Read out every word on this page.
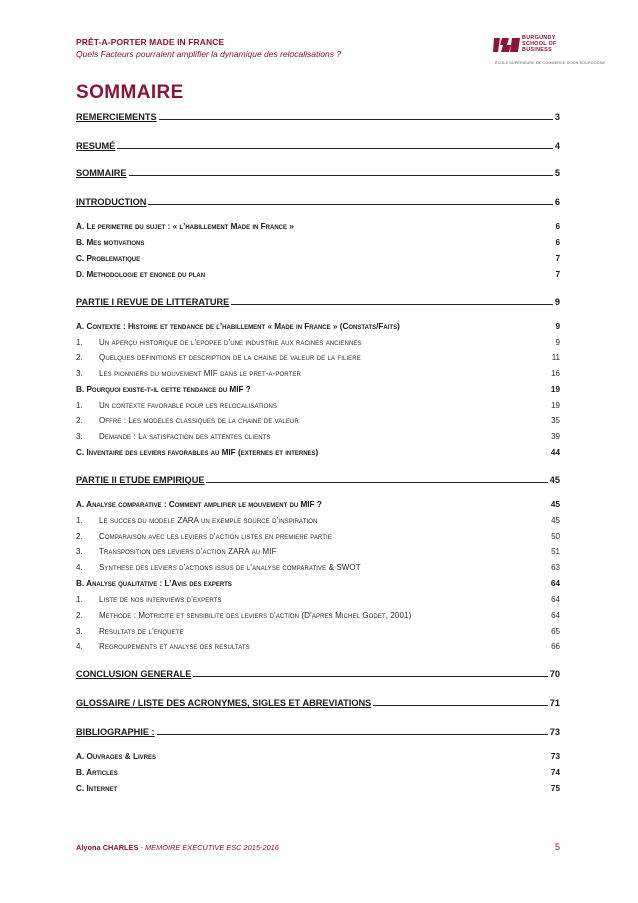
PRÊT-A-PORTER MADE IN FRANCE
Quels Facteurs pourraient amplifier la dynamique des relocalisations ?
BURGUNDY
SCHOOL OF
BUSINESS
ÉCOLE SUPÉRIEURE DE COMMERCE DIJON BOURGOGNE
SOMMAIRE
REMERCIEMENTS	3
RESUMÉ	4
SOMMAIRE	5
INTRODUCTION	6
A. Le perimetre du sujet : « l’habillement Made in France »	6
B. Mes motivations	6
C. Problematique	7
D. Methodologie et enonce du plan	7
PARTIE I REVUE DE LITTERATURE	9
A. Contexte : Histoire et tendance de l’habillement « Made in France » (Constats/Faits)	9
1.	Un aperçu historique de l’epopee d’une industrie aux racines anciennes	9
2.	Quelques definitions et description de la chaine de valeur de la filiere	11
3.	Les pionniers du mouvement MIF dans le pret-a-porter	16
B. Pourquoi existe-t-il cette tendance du MIF ?	19
1.	Un contexte favorable pour les relocalisations	19
2.	Offre : Les modeles classiques de la chaine de valeur	35
3.	Demande : La satisfaction des attentes clients	39
C. Inventaire des leviers favorables au MIF (externes et internes)	44
PARTIE II ETUDE EMPIRIQUE	45
A. Analyse comparative : Comment amplifier le mouvement du MIF ?	45
1.	Le succes du modele ZARA un exemple source d’inspiration	45
2.	Comparaison avec les leviers d’action listes en premiere partie	50
3.	Transposition des leviers d’action ZARA au MIF	51
4.	Synthese des leviers d’actions issus de l’analyse comparative & SWOT	63
B. Analyse qualitative : L’Avis des experts	64
1.	Liste de nos interviews d’experts	64
2.	Methode : Motricite et sensibilite des leviers d’action (D’apres Michel Godet, 2001)	64
3.	Resultats de l’enquete	65
4.	Regroupements et analyse des resultats	66
CONCLUSION GENERALE	70
GLOSSAIRE / LISTE DES ACRONYMES, SIGLES ET ABREVIATIONS	71
BIBLIOGRAPHIE :	73
A. Ouvrages & Livres	73
B. Articles	74
C. Internet	75
Alyona CHARLES - MEMOIRE EXECUTIVE ESC 2015-2016	5
